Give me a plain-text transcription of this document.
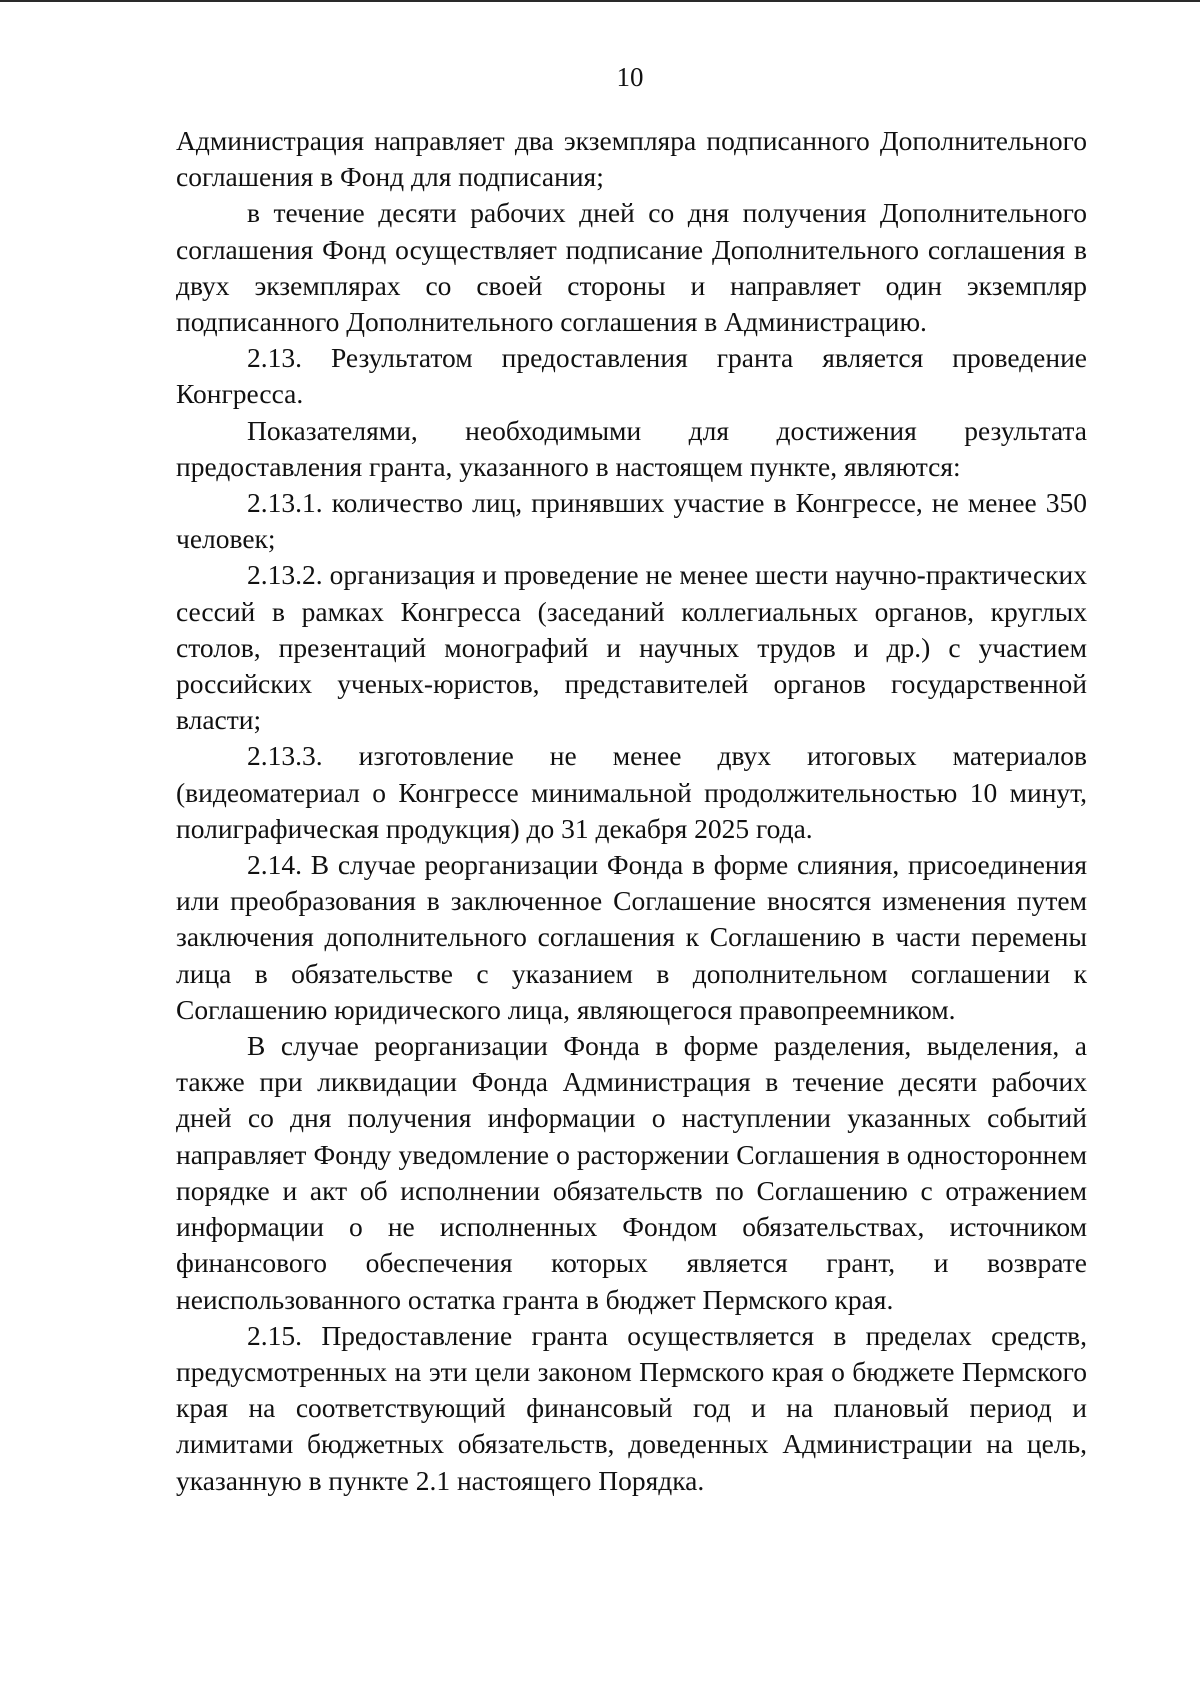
10

Администрация направляет два экземпляра подписанного Дополнительного соглашения в Фонд для подписания;

в течение десяти рабочих дней со дня получения Дополнительного соглашения Фонд осуществляет подписание Дополнительного соглашения в двух экземплярах со своей стороны и направляет один экземпляр подписанного Дополнительного соглашения в Администрацию.

2.13. Результатом предоставления гранта является проведение Конгресса.

Показателями, необходимыми для достижения результата предоставления гранта, указанного в настоящем пункте, являются:

2.13.1. количество лиц, принявших участие в Конгрессе, не менее 350 человек;

2.13.2. организация и проведение не менее шести научно-практических сессий в рамках Конгресса (заседаний коллегиальных органов, круглых столов, презентаций монографий и научных трудов и др.) с участием российских ученых-юристов, представителей органов государственной власти;

2.13.3. изготовление не менее двух итоговых материалов (видеоматериал о Конгрессе минимальной продолжительностью 10 минут, полиграфическая продукция) до 31 декабря 2025 года.

2.14. В случае реорганизации Фонда в форме слияния, присоединения или преобразования в заключенное Соглашение вносятся изменения путем заключения дополнительного соглашения к Соглашению в части перемены лица в обязательстве с указанием в дополнительном соглашении к Соглашению юридического лица, являющегося правопреемником.

В случае реорганизации Фонда в форме разделения, выделения, а также при ликвидации Фонда Администрация в течение десяти рабочих дней со дня получения информации о наступлении указанных событий направляет Фонду уведомление о расторжении Соглашения в одностороннем порядке и акт об исполнении обязательств по Соглашению с отражением информации о не исполненных Фондом обязательствах, источником финансового обеспечения которых является грант, и возврате неиспользованного остатка гранта в бюджет Пермского края.

2.15. Предоставление гранта осуществляется в пределах средств, предусмотренных на эти цели законом Пермского края о бюджете Пермского края на соответствующий финансовый год и на плановый период и лимитами бюджетных обязательств, доведенных Администрации на цель, указанную в пункте 2.1 настоящего Порядка.
